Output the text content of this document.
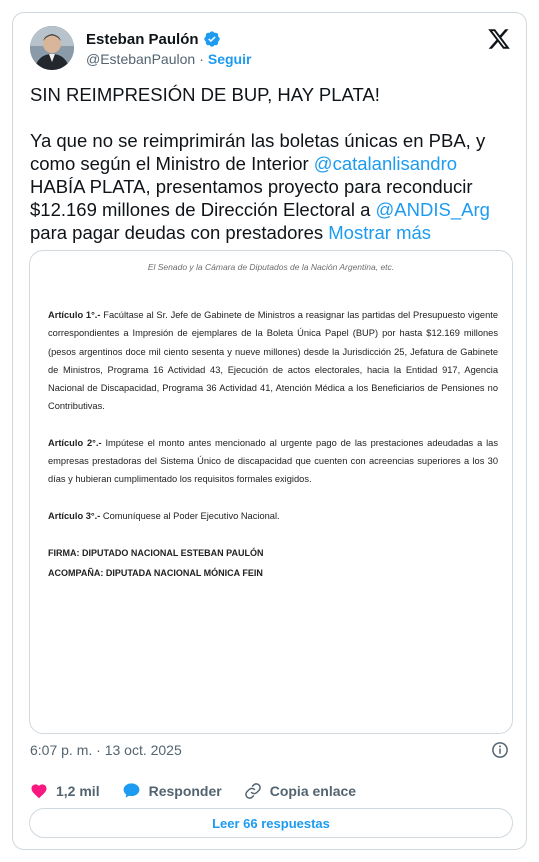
Esteban Paulón
@EstebanPaulon · Seguir

SIN REIMPRESIÓN DE BUP, HAY PLATA!

Ya que no se reimprimirán las boletas únicas en PBA, y como según el Ministro de Interior @catalanlisandro HABÍA PLATA, presentamos proyecto para reconducir $12.169 millones de Dirección Electoral a @ANDIS_Arg para pagar deudas con prestadores Mostrar más

El Senado y la Cámara de Diputados de la Nación Argentina, etc.
Artículo 1°.- Facúltase al Sr. Jefe de Gabinete de Ministros a reasignar las partidas del Presupuesto vigente correspondientes a Impresión de ejemplares de la Boleta Única Papel (BUP) por hasta $12.169 millones (pesos argentinos doce mil ciento sesenta y nueve millones) desde la Jurisdicción 25, Jefatura de Gabinete de Ministros, Programa 16 Actividad 43, Ejecución de actos electorales, hacia la Entidad 917, Agencia Nacional de Discapacidad, Programa 36 Actividad 41, Atención Médica a los Beneficiarios de Pensiones no Contributivas.
Artículo 2°.- Impútese el monto antes mencionado al urgente pago de las prestaciones adeudadas a las empresas prestadoras del Sistema Único de discapacidad que cuenten con acreencias superiores a los 30 días y hubieran cumplimentado los requisitos formales exigidos.
Artículo 3°.- Comuníquese al Poder Ejecutivo Nacional.
FIRMA: DIPUTADO NACIONAL ESTEBAN PAULÓN
ACOMPAÑA: DIPUTADA NACIONAL MÓNICA FEIN
6:07 p. m. · 13 oct. 2025
1,2 mil	Responder	Copia enlace
Leer 66 respuestas
